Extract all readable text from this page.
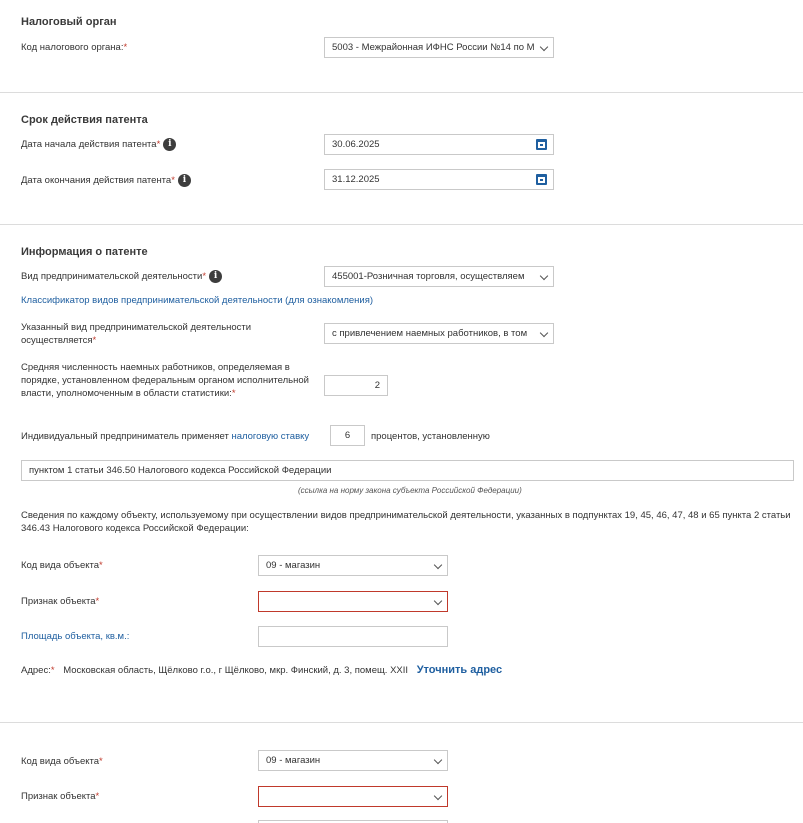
Налоговый орган
Код налогового органа:*	5003 - Межрайонная ИФНС России №14 по М
Срок действия патента
Дата начала действия патента* i	30.06.2025
Дата окончания действия патента* i	31.12.2025
Информация о патенте
Вид предпринимательской деятельности* i	455001-Розничная торговля, осуществляем
Классификатор видов предпринимательской деятельности (для ознакомления)
Указанный вид предпринимательской деятельности осуществляется*
с привлечением наемных работников, в том
Средняя численность наемных работников, определяемая в порядке, установленном федеральным органом исполнительной власти, уполномоченным в области статистики:*
2
Индивидуальный предприниматель применяет налоговую ставку	6	процентов, установленную
пунктом 1 статьи 346.50 Налогового кодекса Российской Федерации
(ссылка на норму закона субъекта Российской Федерации)
Сведения по каждому объекту, используемому при осуществлении видов предпринимательской деятельности, указанных в подпунктах 19, 45, 46, 47, 48 и 65 пункта 2 статьи 346.43 Налогового кодекса Российской Федерации:
Код вида объекта*	09 - магазин
Признак объекта*
Площадь объекта, кв.м.:
Адрес:* Московская область, Щёлково г.о., г Щёлково, мкр. Финский, д. 3, помещ. XXII Уточнить адрес
Код вида объекта*	09 - магазин
Признак объекта*
